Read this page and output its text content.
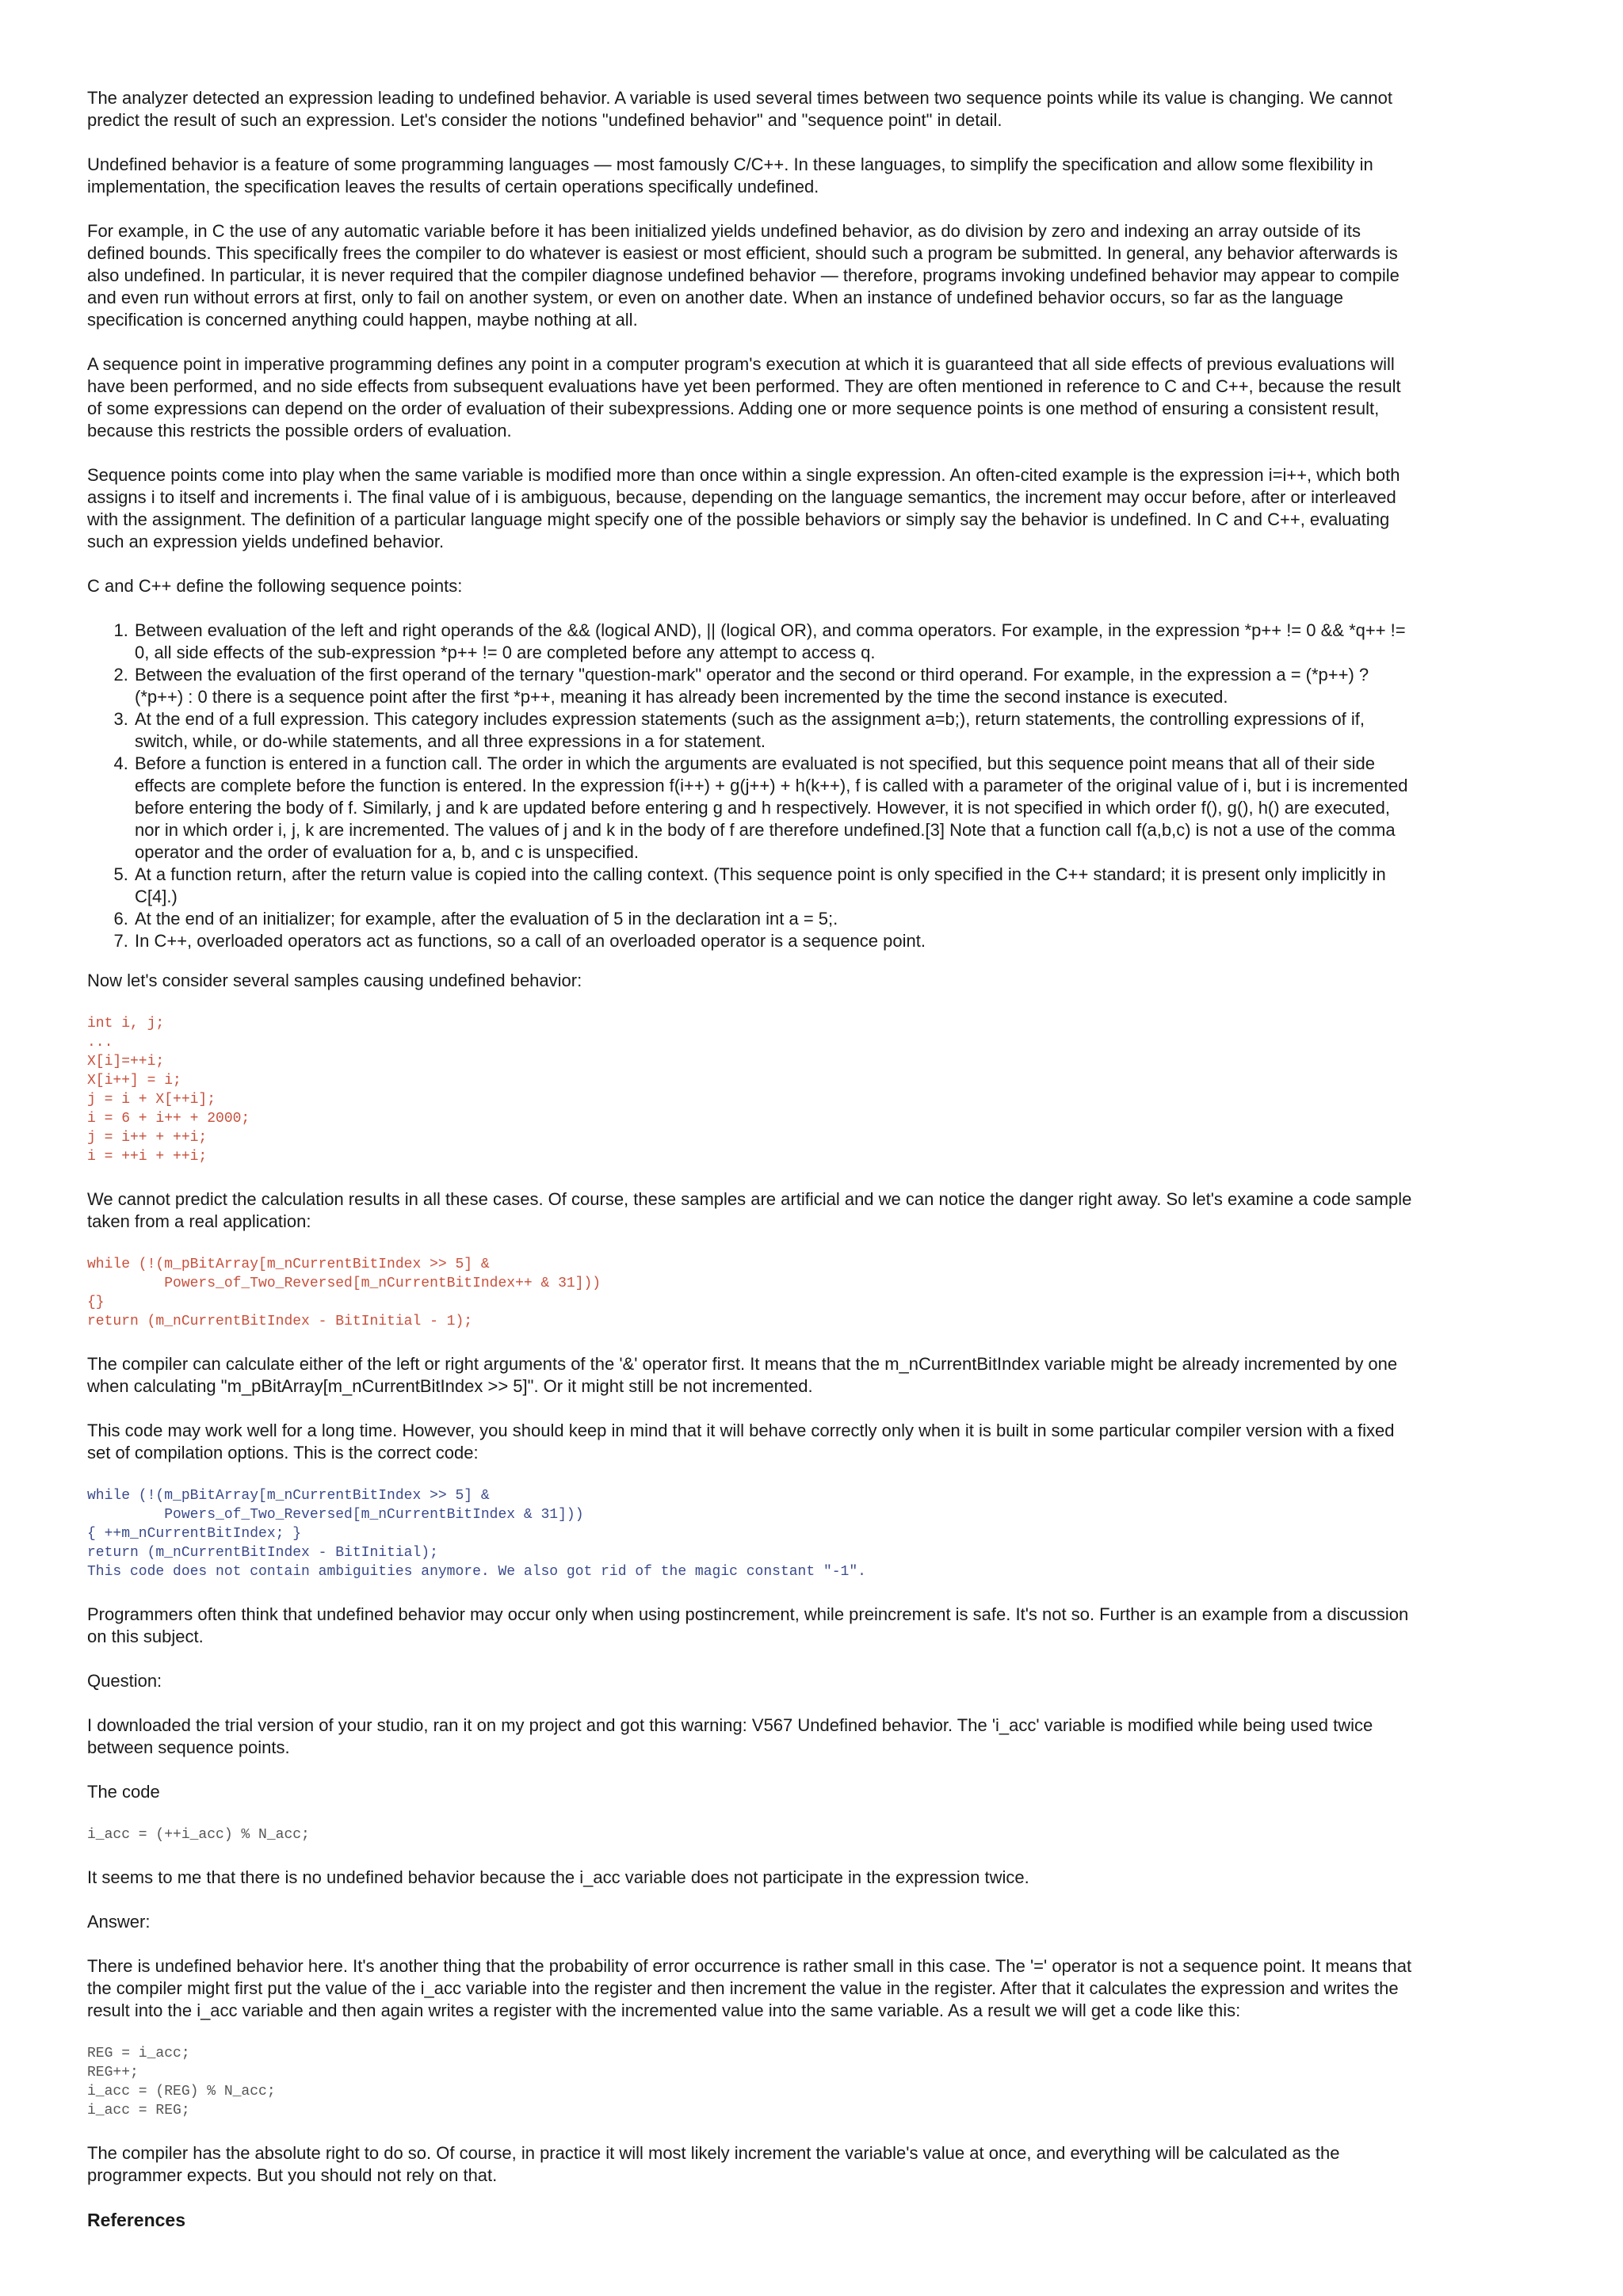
The analyzer detected an expression leading to undefined behavior. A variable is used several times between two sequence points while its value is changing. We cannot predict the result of such an expression. Let's consider the notions "undefined behavior" and "sequence point" in detail.

Undefined behavior is a feature of some programming languages — most famously C/C++. In these languages, to simplify the specification and allow some flexibility in implementation, the specification leaves the results of certain operations specifically undefined.

For example, in C the use of any automatic variable before it has been initialized yields undefined behavior, as do division by zero and indexing an array outside of its defined bounds. This specifically frees the compiler to do whatever is easiest or most efficient, should such a program be submitted. In general, any behavior afterwards is also undefined. In particular, it is never required that the compiler diagnose undefined behavior — therefore, programs invoking undefined behavior may appear to compile and even run without errors at first, only to fail on another system, or even on another date. When an instance of undefined behavior occurs, so far as the language specification is concerned anything could happen, maybe nothing at all.

A sequence point in imperative programming defines any point in a computer program's execution at which it is guaranteed that all side effects of previous evaluations will have been performed, and no side effects from subsequent evaluations have yet been performed. They are often mentioned in reference to C and C++, because the result of some expressions can depend on the order of evaluation of their subexpressions. Adding one or more sequence points is one method of ensuring a consistent result, because this restricts the possible orders of evaluation.

Sequence points come into play when the same variable is modified more than once within a single expression. An often-cited example is the expression i=i++, which both assigns i to itself and increments i. The final value of i is ambiguous, because, depending on the language semantics, the increment may occur before, after or interleaved with the assignment. The definition of a particular language might specify one of the possible behaviors or simply say the behavior is undefined. In C and C++, evaluating such an expression yields undefined behavior.

C and C++ define the following sequence points:

1. Between evaluation of the left and right operands of the && (logical AND), || (logical OR), and comma operators. For example, in the expression *p++ != 0 && *q++ != 0, all side effects of the sub-expression *p++ != 0 are completed before any attempt to access q.
2. Between the evaluation of the first operand of the ternary "question-mark" operator and the second or third operand. For example, in the expression a = (*p++) ? (*p++) : 0 there is a sequence point after the first *p++, meaning it has already been incremented by the time the second instance is executed.
3. At the end of a full expression. This category includes expression statements (such as the assignment a=b;), return statements, the controlling expressions of if, switch, while, or do-while statements, and all three expressions in a for statement.
4. Before a function is entered in a function call. The order in which the arguments are evaluated is not specified, but this sequence point means that all of their side effects are complete before the function is entered. In the expression f(i++) + g(j++) + h(k++), f is called with a parameter of the original value of i, but i is incremented before entering the body of f. Similarly, j and k are updated before entering g and h respectively. However, it is not specified in which order f(), g(), h() are executed, nor in which order i, j, k are incremented. The values of j and k in the body of f are therefore undefined.[3] Note that a function call f(a,b,c) is not a use of the comma operator and the order of evaluation for a, b, and c is unspecified.
5. At a function return, after the return value is copied into the calling context. (This sequence point is only specified in the C++ standard; it is present only implicitly in C[4].)
6. At the end of an initializer; for example, after the evaluation of 5 in the declaration int a = 5;.
7. In C++, overloaded operators act as functions, so a call of an overloaded operator is a sequence point.

Now let's consider several samples causing undefined behavior:

int i, j;
...
X[i]=++i;
X[i++] = i;
j = i + X[++i];
i = 6 + i++ + 2000;
j = i++ + ++i;
i = ++i + ++i;

We cannot predict the calculation results in all these cases. Of course, these samples are artificial and we can notice the danger right away. So let's examine a code sample taken from a real application:

while (!(m_pBitArray[m_nCurrentBitIndex >> 5] &
Powers_of_Two_Reversed[m_nCurrentBitIndex++ & 31]))
{}
return (m_nCurrentBitIndex - BitInitial - 1);

The compiler can calculate either of the left or right arguments of the '&' operator first. It means that the m_nCurrentBitIndex variable might be already incremented by one when calculating "m_pBitArray[m_nCurrentBitIndex >> 5]". Or it might still be not incremented.

This code may work well for a long time. However, you should keep in mind that it will behave correctly only when it is built in some particular compiler version with a fixed set of compilation options. This is the correct code:

while (!(m_pBitArray[m_nCurrentBitIndex >> 5] &
Powers_of_Two_Reversed[m_nCurrentBitIndex & 31]))
{ ++m_nCurrentBitIndex; }
return (m_nCurrentBitIndex - BitInitial);
This code does not contain ambiguities anymore. We also got rid of the magic constant "-1".

Programmers often think that undefined behavior may occur only when using postincrement, while preincrement is safe. It's not so. Further is an example from a discussion on this subject.

Question:

I downloaded the trial version of your studio, ran it on my project and got this warning: V567 Undefined behavior. The 'i_acc' variable is modified while being used twice between sequence points.

The code

i_acc = (++i_acc) % N_acc;

It seems to me that there is no undefined behavior because the i_acc variable does not participate in the expression twice.

Answer:

There is undefined behavior here. It's another thing that the probability of error occurrence is rather small in this case. The '=' operator is not a sequence point. It means that the compiler might first put the value of the i_acc variable into the register and then increment the value in the register. After that it calculates the expression and writes the result into the i_acc variable and then again writes a register with the incremented value into the same variable. As a result we will get a code like this:

REG = i_acc;
REG++;
i_acc = (REG) % N_acc;
i_acc = REG;

The compiler has the absolute right to do so. Of course, in practice it will most likely increment the variable's value at once, and everything will be calculated as the programmer expects. But you should not rely on that.

References
